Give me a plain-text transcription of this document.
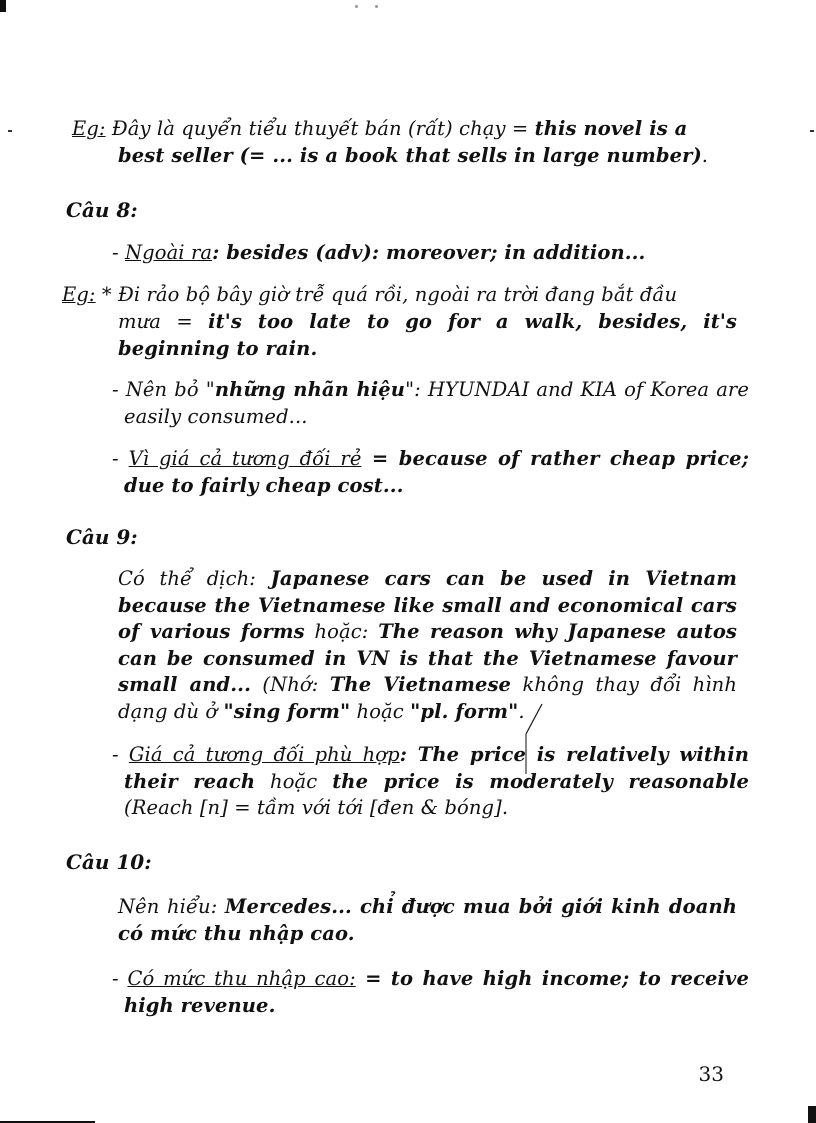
Eg: Đây là quyển tiểu thuyết bán (rất) chạy = this novel is a
best seller (= ... is a book that sells in large number).
Câu 8:
- Ngoài ra: besides (adv): moreover; in addition...
Eg: * Đi rảo bộ bây giờ trễ quá rồi, ngoài ra trời đang bắt đầu
mưa = it's too late to go for a walk, besides, it's beginning to rain.
- Nên bỏ "những nhãn hiệu": HYUNDAI and KIA of Korea are easily consumed...
- Vì giá cả tương đối rẻ = because of rather cheap price; due to fairly cheap cost...
Câu 9:
Có thể dịch: Japanese cars can be used in Vietnam because the Vietnamese like small and economical cars of various forms hoặc: The reason why Japanese autos can be consumed in VN is that the Vietnamese favour small and... (Nhớ: The Vietnamese không thay đổi hình dạng dù ở "sing form" hoặc "pl. form".
- Giá cả tương đối phù hợp: The price is relatively within their reach hoặc the price is moderately reasonable (Reach [n] = tầm với tới [đen & bóng].
Câu 10:
Nên hiểu: Mercedes... chỉ được mua bởi giới kinh doanh có mức thu nhập cao.
- Có mức thu nhập cao: = to have high income; to receive high revenue.
33
